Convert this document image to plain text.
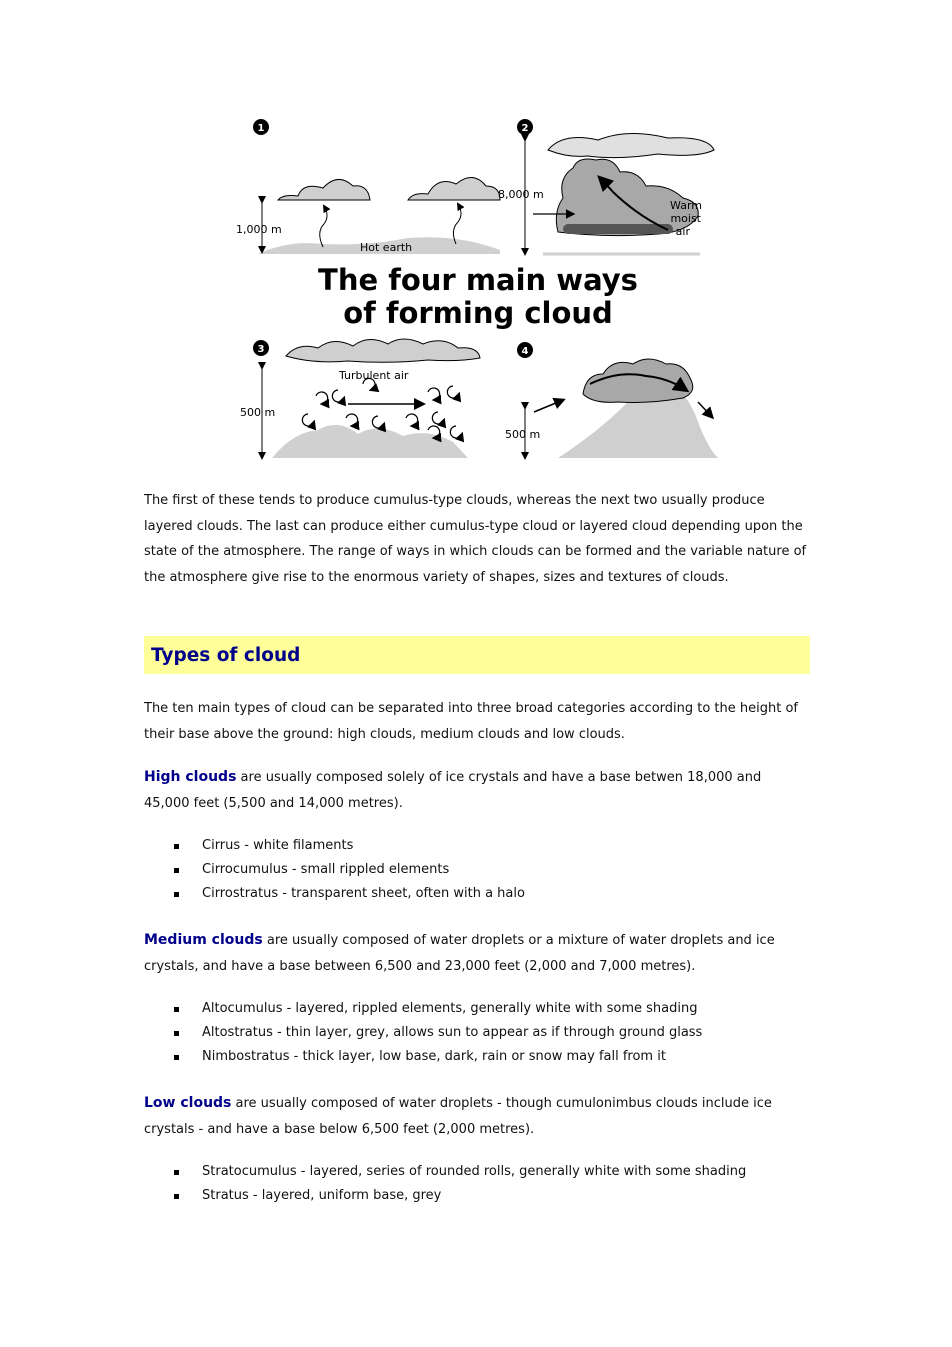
1
1,000 m
Hot earth
2
8,000 m
Warm
moist
air
The four main ways
of forming cloud
3
Turbulent air
500 m
4
500 m

The first of these tends to produce cumulus-type clouds, whereas the next two usually produce layered clouds. The last can produce either cumulus-type cloud or layered cloud depending upon the state of the atmosphere. The range of ways in which clouds can be formed and the variable nature of the atmosphere give rise to the enormous variety of shapes, sizes and textures of clouds.

Types of cloud

The ten main types of cloud can be separated into three broad categories according to the height of their base above the ground: high clouds, medium clouds and low clouds.

High clouds are usually composed solely of ice crystals and have a base betwen 18,000 and 45,000 feet (5,500 and 14,000 metres).

Cirrus - white filaments
Cirrocumulus - small rippled elements
Cirrostratus - transparent sheet, often with a halo

Medium clouds are usually composed of water droplets or a mixture of water droplets and ice crystals, and have a base between 6,500 and 23,000 feet (2,000 and 7,000 metres).

Altocumulus - layered, rippled elements, generally white with some shading
Altostratus - thin layer, grey, allows sun to appear as if through ground glass
Nimbostratus - thick layer, low base, dark, rain or snow may fall from it

Low clouds are usually composed of water droplets - though cumulonimbus clouds include ice crystals - and have a base below 6,500 feet (2,000 metres).

Stratocumulus - layered, series of rounded rolls, generally white with some shading
Stratus - layered, uniform base, grey
